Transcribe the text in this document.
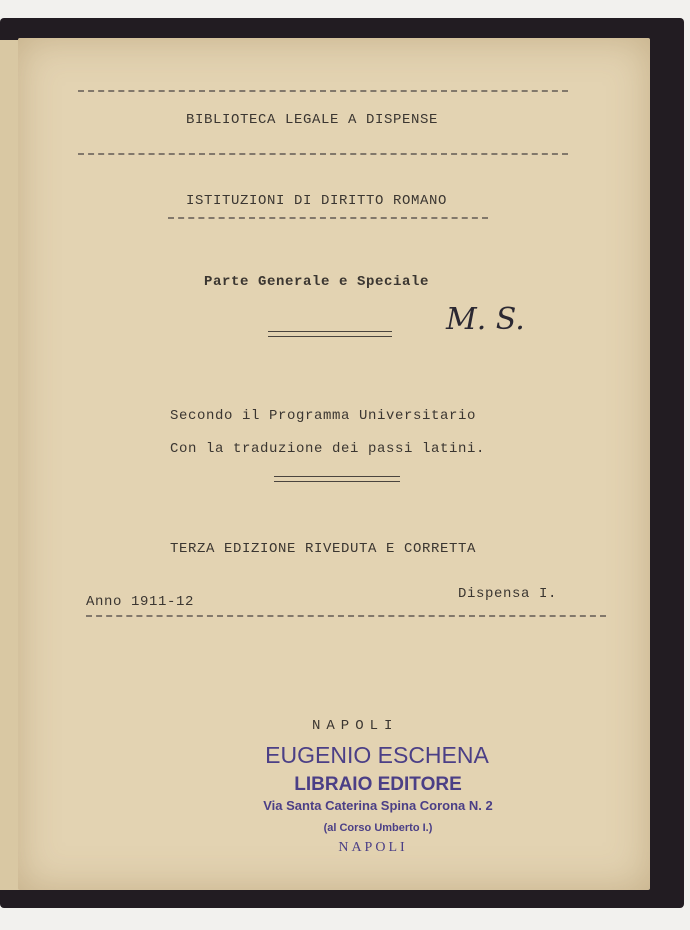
BIBLIOTECA LEGALE A DISPENSE
ISTITUZIONI DI DIRITTO ROMANO
Parte Generale e Speciale
M. S.
Secondo il Programma Universitario
Con la traduzione dei passi latini.
TERZA EDIZIONE RIVEDUTA E CORRETTA
Anno 1911-12	Dispensa I.
NAPOLI
EUGENIO ESCHENA
LIBRAIO EDITORE
Via Santa Caterina Spina Corona N. 2
(al Corso Umberto I.)
NAPOLI
